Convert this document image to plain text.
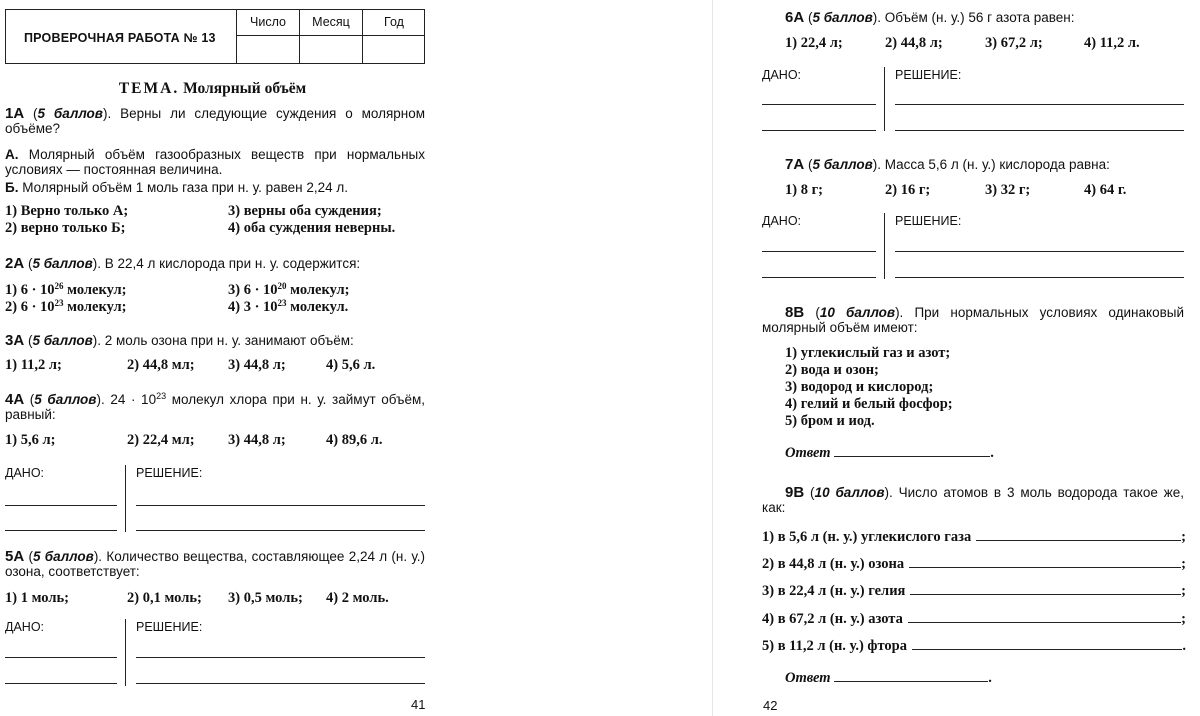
ПРОВЕРОЧНАЯ РАБОТА № 13
Число	Месяц	Год
ТЕМА. Молярный объём
1А (5 баллов). Верны ли следующие суждения о молярном объёме?
А. Молярный объём газообразных веществ при нормальных условиях — постоянная величина.
Б. Молярный объём 1 моль газа при н. у. равен 2,24 л.
1) Верно только А;	3) верны оба суждения;
2) верно только Б;	4) оба суждения неверны.
2А (5 баллов). В 22,4 л кислорода при н. у. содержится:
1) $6 \cdot 10^{26}$ молекул;	3) $6 \cdot 10^{20}$ молекул;
2) $6 \cdot 10^{23}$ молекул;	4) $3 \cdot 10^{23}$ молекул.
3А (5 баллов). 2 моль озона при н. у. занимают объём:
1) 11,2 л;	2) 44,8 мл; 3) 44,8 л;	4) 5,6 л.
4А (5 баллов). $24 \cdot 10^{23}$ молекул хлора при н. у. займут объём, равный:
1) 5,6 л;	2) 22,4 мл; 3) 44,8 л;	4) 89,6 л.
ДАНО:	РЕШЕНИЕ:
5А (5 баллов). Количество вещества, составляющее 2,24 л (н. у.) озона, соответствует:
1) 1 моль;	2) 0,1 моль; 3) 0,5 моль; 4) 2 моль.
ДАНО:	РЕШЕНИЕ:
41
6А (5 баллов). Объём (н. у.) 56 г азота равен:
1) 22,4 л;	2) 44,8 л;	3) 67,2 л;	4) 11,2 л.
ДАНО:	РЕШЕНИЕ:
7А (5 баллов). Масса 5,6 л (н. у.) кислорода равна:
1) 8 г;	2) 16 г;	3) 32 г;	4) 64 г.
ДАНО:	РЕШЕНИЕ:
8В (10 баллов). При нормальных условиях одинаковый молярный объём имеют:
1) углекислый газ и азот;
2) вода и озон;
3) водород и кислород;
4) гелий и белый фосфор;
5) бром и иод.
Ответ	.
9В (10 баллов). Число атомов в 3 моль водорода такое же, как:
1) в 5,6 л (н. у.) углекислого газа	;
2) в 44,8 л (н. у.) озона	;
3) в 22,4 л (н. у.) гелия	;
4) в 67,2 л (н. у.) азота	;
5) в 11,2 л (н. у.) фтора	.
Ответ	.
42
